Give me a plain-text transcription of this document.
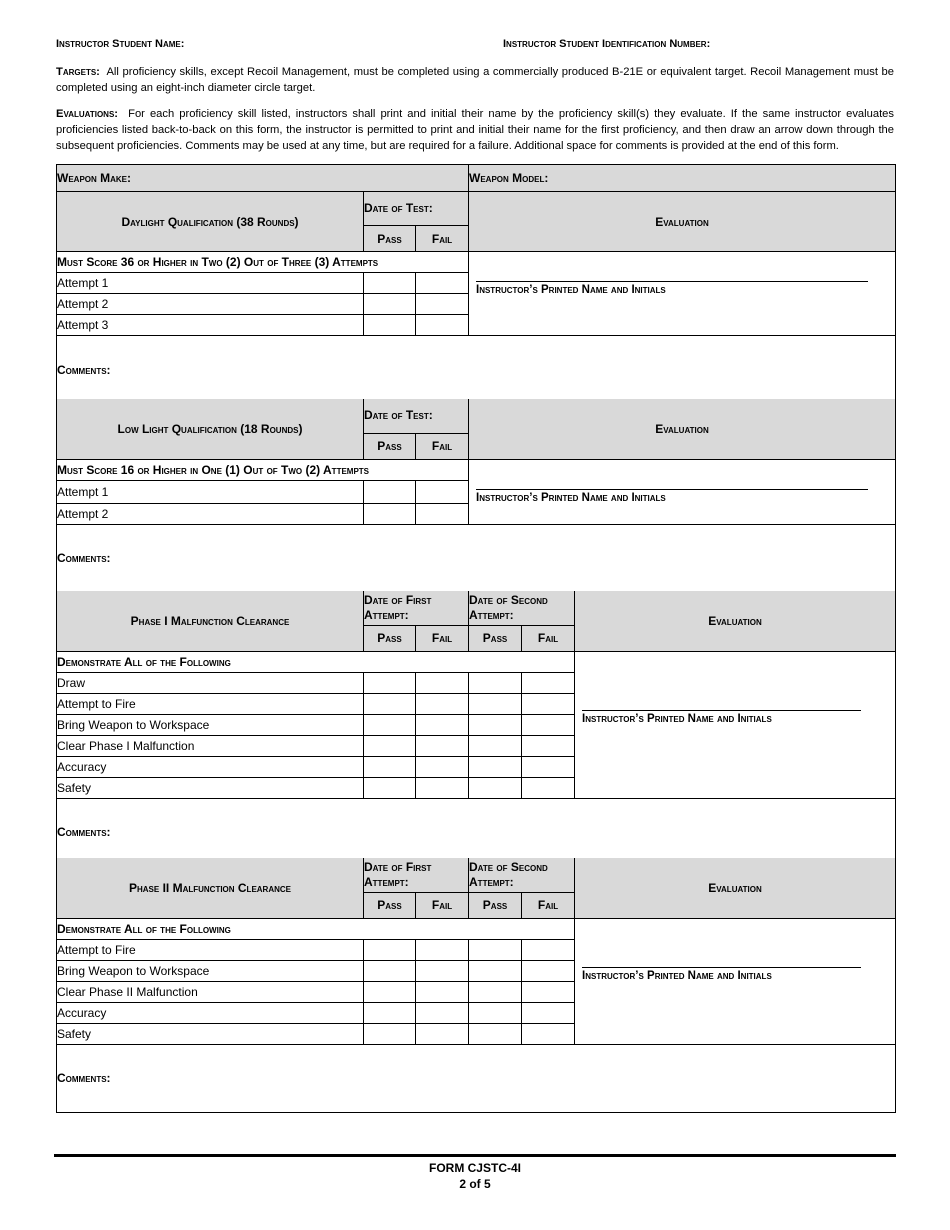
Instructor Student Name:	Instructor Student Identification Number:
Targets: All proficiency skills, except Recoil Management, must be completed using a commercially produced B-21E or equivalent target. Recoil Management must be completed using an eight-inch diameter circle target.
Evaluations: For each proficiency skill listed, instructors shall print and initial their name by the proficiency skill(s) they evaluate. If the same instructor evaluates proficiencies listed back-to-back on this form, the instructor is permitted to print and initial their name for the first proficiency, and then draw an arrow down through the subsequent proficiencies. Comments may be used at any time, but are required for a failure. Additional space for comments is provided at the end of this form.
Weapon Make:			Weapon Model:
Daylight Qualification (38 Rounds)	Date of Test:		Evaluation
	Pass	Fail	
Must Score 36 or Higher in Two (2) Out of Three (3) Attempts			Instructor’s Printed Name and Initials

Attempt 1			
Attempt 2			
Attempt 3			
Comments:			
Low Light Qualification (18 Rounds)	Date of Test:		Evaluation
	Pass	Fail	
Must Score 16 or Higher in One (1) Out of Two (2) Attempts			Instructor’s Printed Name and Initials

Attempt 1			
Attempt 2			
Comments:			
Phase I Malfunction Clearance	Date of First Attempt:		Date of Second Attempt:		Evaluation
	Pass	Fail	Pass	Fail	
Demonstrate All of the Following					Instructor’s Printed Name and Initials

Draw					
Attempt to Fire					
Bring Weapon to Workspace					
Clear Phase I Malfunction					
Accuracy					
Safety					
Comments:					
Phase II Malfunction Clearance	Date of First Attempt:		Date of Second Attempt:		Evaluation
	Pass	Fail	Pass	Fail	
Demonstrate All of the Following					Instructor’s Printed Name and Initials

Attempt to Fire					
Bring Weapon to Workspace					
Clear Phase II Malfunction					
Accuracy					
Safety					
Comments:					
FORM CJSTC-4I
2 of 5
